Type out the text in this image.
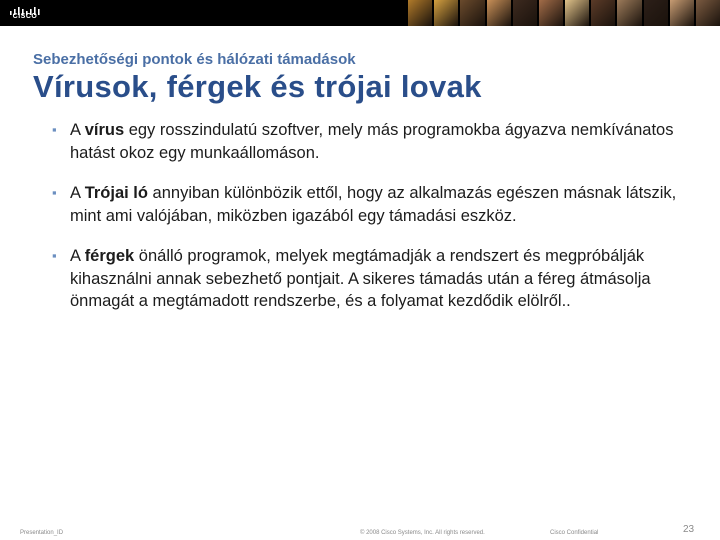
CISCO
Sebezhetőségi pontok és hálózati támadások
Vírusok, férgek és trójai lovak
▪ A vírus egy rosszindulatú szoftver, mely más programokba ágyazva nemkívánatos hatást okoz egy munkaállomáson.
▪ A Trójai ló annyiban különbözik ettől, hogy az alkalmazás egészen másnak látszik, mint ami valójában, miközben igazából egy támadási eszköz.
▪ A férgek önálló programok, melyek megtámadják a rendszert és megpróbálják kihasználni annak sebezhető pontjait. A sikeres támadás után a féreg átmásolja önmagát a megtámadott rendszerbe, és a folyamat kezdődik elölről..
Presentation_ID	© 2008 Cisco Systems, Inc. All rights reserved.	Cisco Confidential	23
